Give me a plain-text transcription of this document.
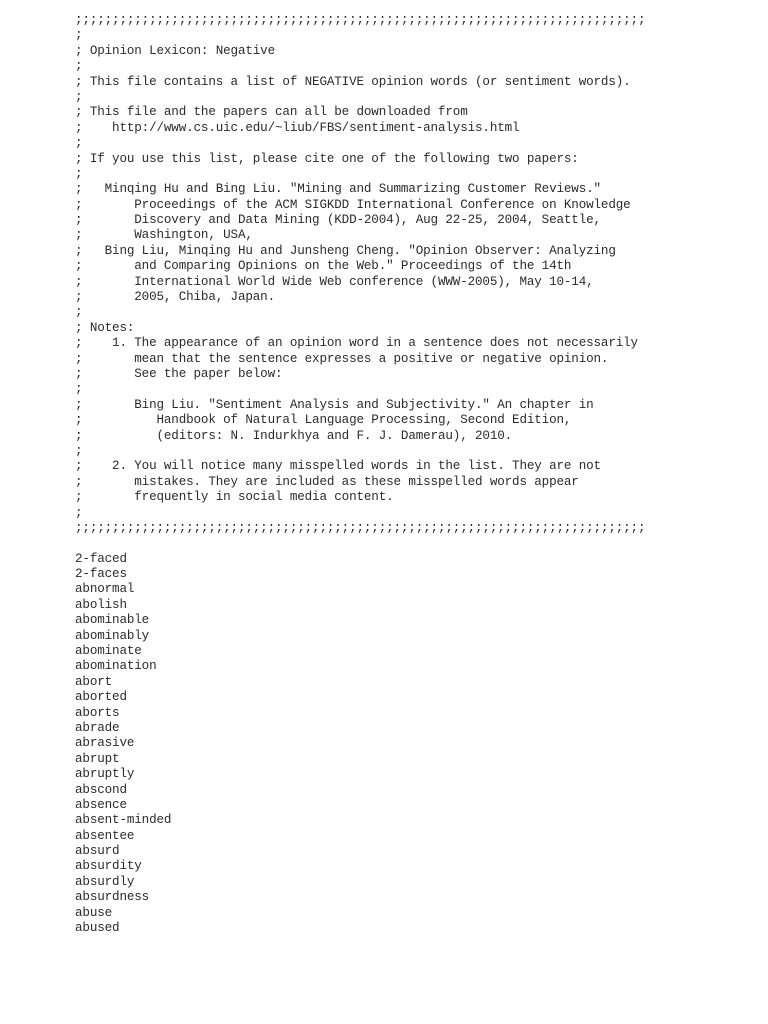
;;;;;;;;;;;;;;;;;;;;;;;;;;;;;;;;;;;;;;;;;;;;;;;;;;;;;;;;;;;;;;;;;;;;;;;;;;;;;
;
; Opinion Lexicon: Negative
;
; This file contains a list of NEGATIVE opinion words (or sentiment words).
;
; This file and the papers can all be downloaded from
;    http://www.cs.uic.edu/~liub/FBS/sentiment-analysis.html
;
; If you use this list, please cite one of the following two papers:
;
;   Minqing Hu and Bing Liu. "Mining and Summarizing Customer Reviews."
;       Proceedings of the ACM SIGKDD International Conference on Knowledge
;       Discovery and Data Mining (KDD-2004), Aug 22-25, 2004, Seattle,
;       Washington, USA,
;   Bing Liu, Minqing Hu and Junsheng Cheng. "Opinion Observer: Analyzing
;       and Comparing Opinions on the Web." Proceedings of the 14th
;       International World Wide Web conference (WWW-2005), May 10-14,
;       2005, Chiba, Japan.
;
; Notes:
;    1. The appearance of an opinion word in a sentence does not necessarily
;       mean that the sentence expresses a positive or negative opinion.
;       See the paper below:
;
;       Bing Liu. "Sentiment Analysis and Subjectivity." An chapter in
;          Handbook of Natural Language Processing, Second Edition,
;          (editors: N. Indurkhya and F. J. Damerau), 2010.
;
;    2. You will notice many misspelled words in the list. They are not
;       mistakes. They are included as these misspelled words appear
;       frequently in social media content.
;
;;;;;;;;;;;;;;;;;;;;;;;;;;;;;;;;;;;;;;;;;;;;;;;;;;;;;;;;;;;;;;;;;;;;;;;;;;;;;
2-faced
2-faces
abnormal
abolish
abominable
abominably
abominate
abomination
abort
aborted
aborts
abrade
abrasive
abrupt
abruptly
abscond
absence
absent-minded
absentee
absurd
absurdity
absurdly
absurdness
abuse
abused
